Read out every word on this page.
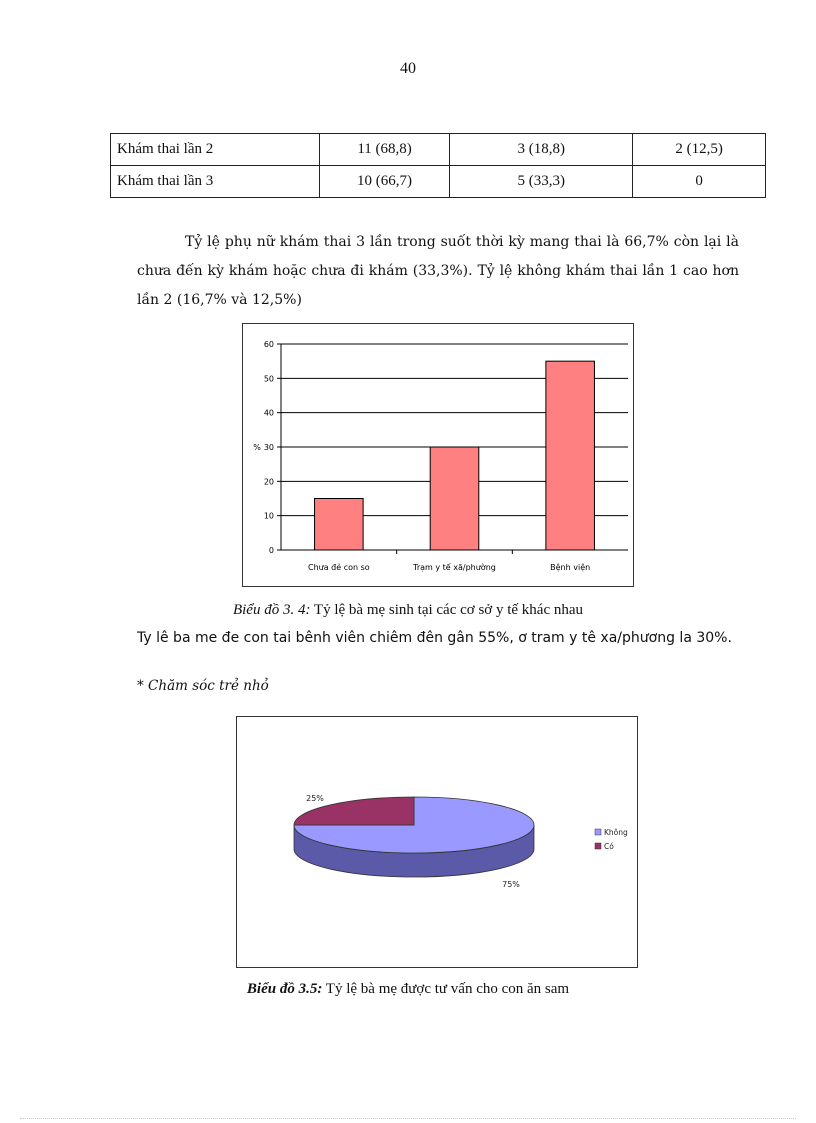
40
Khám thai lần 2	11 (68,8)	3 (18,8)	2 (12,5)
Khám thai lần 3	10 (66,7)	5 (33,3)	0

Tỷ lệ phụ nữ khám thai 3 lần trong suốt thời kỳ mang thai là 66,7% còn lại là chưa đến kỳ khám hoặc chưa đi khám (33,3%). Tỷ lệ không khám thai lần 1 cao hơn lần 2 (16,7% và 12,5%)

0
10
20
30
40
50
60
%
Chưa đẻ con so	Trạm y tế xã/phường	Bệnh viện
Biểu đồ 3. 4: Tỷ lệ bà mẹ sinh tại các cơ sở y tế khác nhau
Ty lê ba me đe con tai bênh viên chiêm đên gân 55%, ơ tram y tê xa/phương la 30%.
* Chăm sóc trẻ nhỏ
25%
75%
Không
Có
Biểu đồ 3.5: Tỷ lệ bà mẹ được tư vấn cho con ăn sam
